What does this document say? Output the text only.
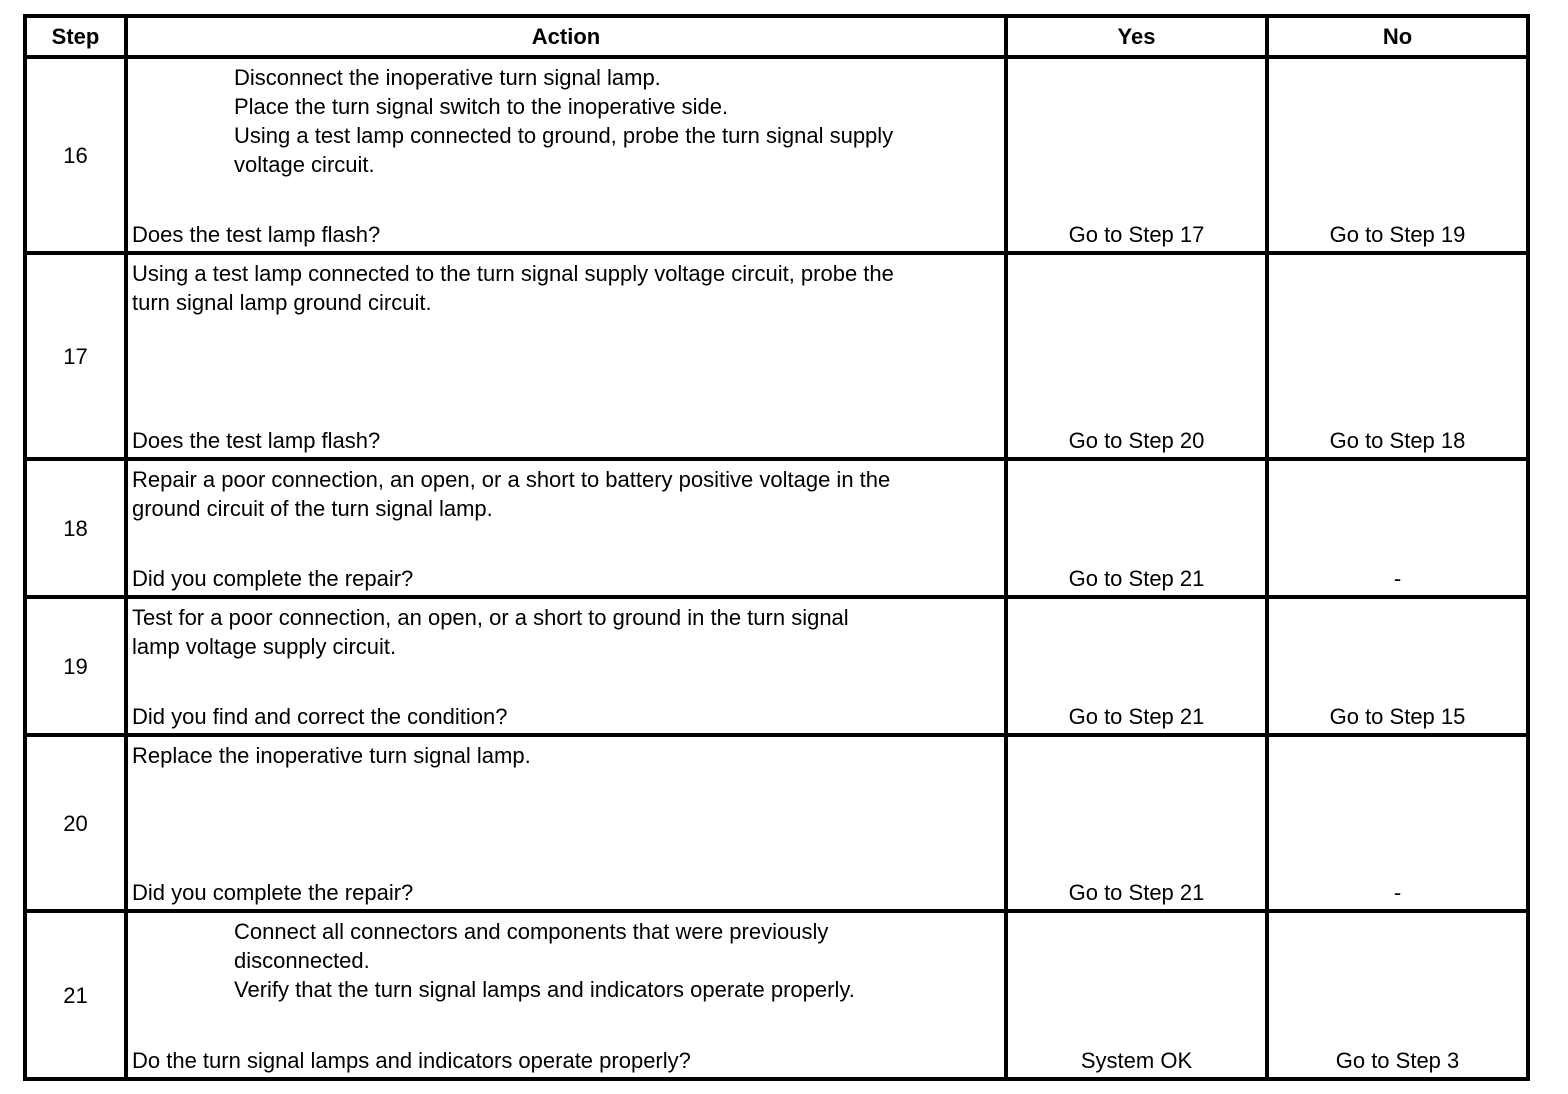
Step	Action	Yes	No
16	Disconnect the inoperative turn signal lamp.
Place the turn signal switch to the inoperative side.
Using a test lamp connected to ground, probe the turn signal supply
voltage circuit.
Does the test lamp flash?	Go to Step 17	Go to Step 19

17	Using a test lamp connected to the turn signal supply voltage circuit, probe the
turn signal lamp ground circuit.
Does the test lamp flash?	Go to Step 20	Go to Step 18

18	Repair a poor connection, an open, or a short to battery positive voltage in the
ground circuit of the turn signal lamp.
Did you complete the repair?	Go to Step 21	-

19	Test for a poor connection, an open, or a short to ground in the turn signal
lamp voltage supply circuit.
Did you find and correct the condition?	Go to Step 21	Go to Step 15

20	Replace the inoperative turn signal lamp.
Did you complete the repair?	Go to Step 21	-

21	Connect all connectors and components that were previously
disconnected.
Verify that the turn signal lamps and indicators operate properly.
Do the turn signal lamps and indicators operate properly?	System OK	Go to Step 3
